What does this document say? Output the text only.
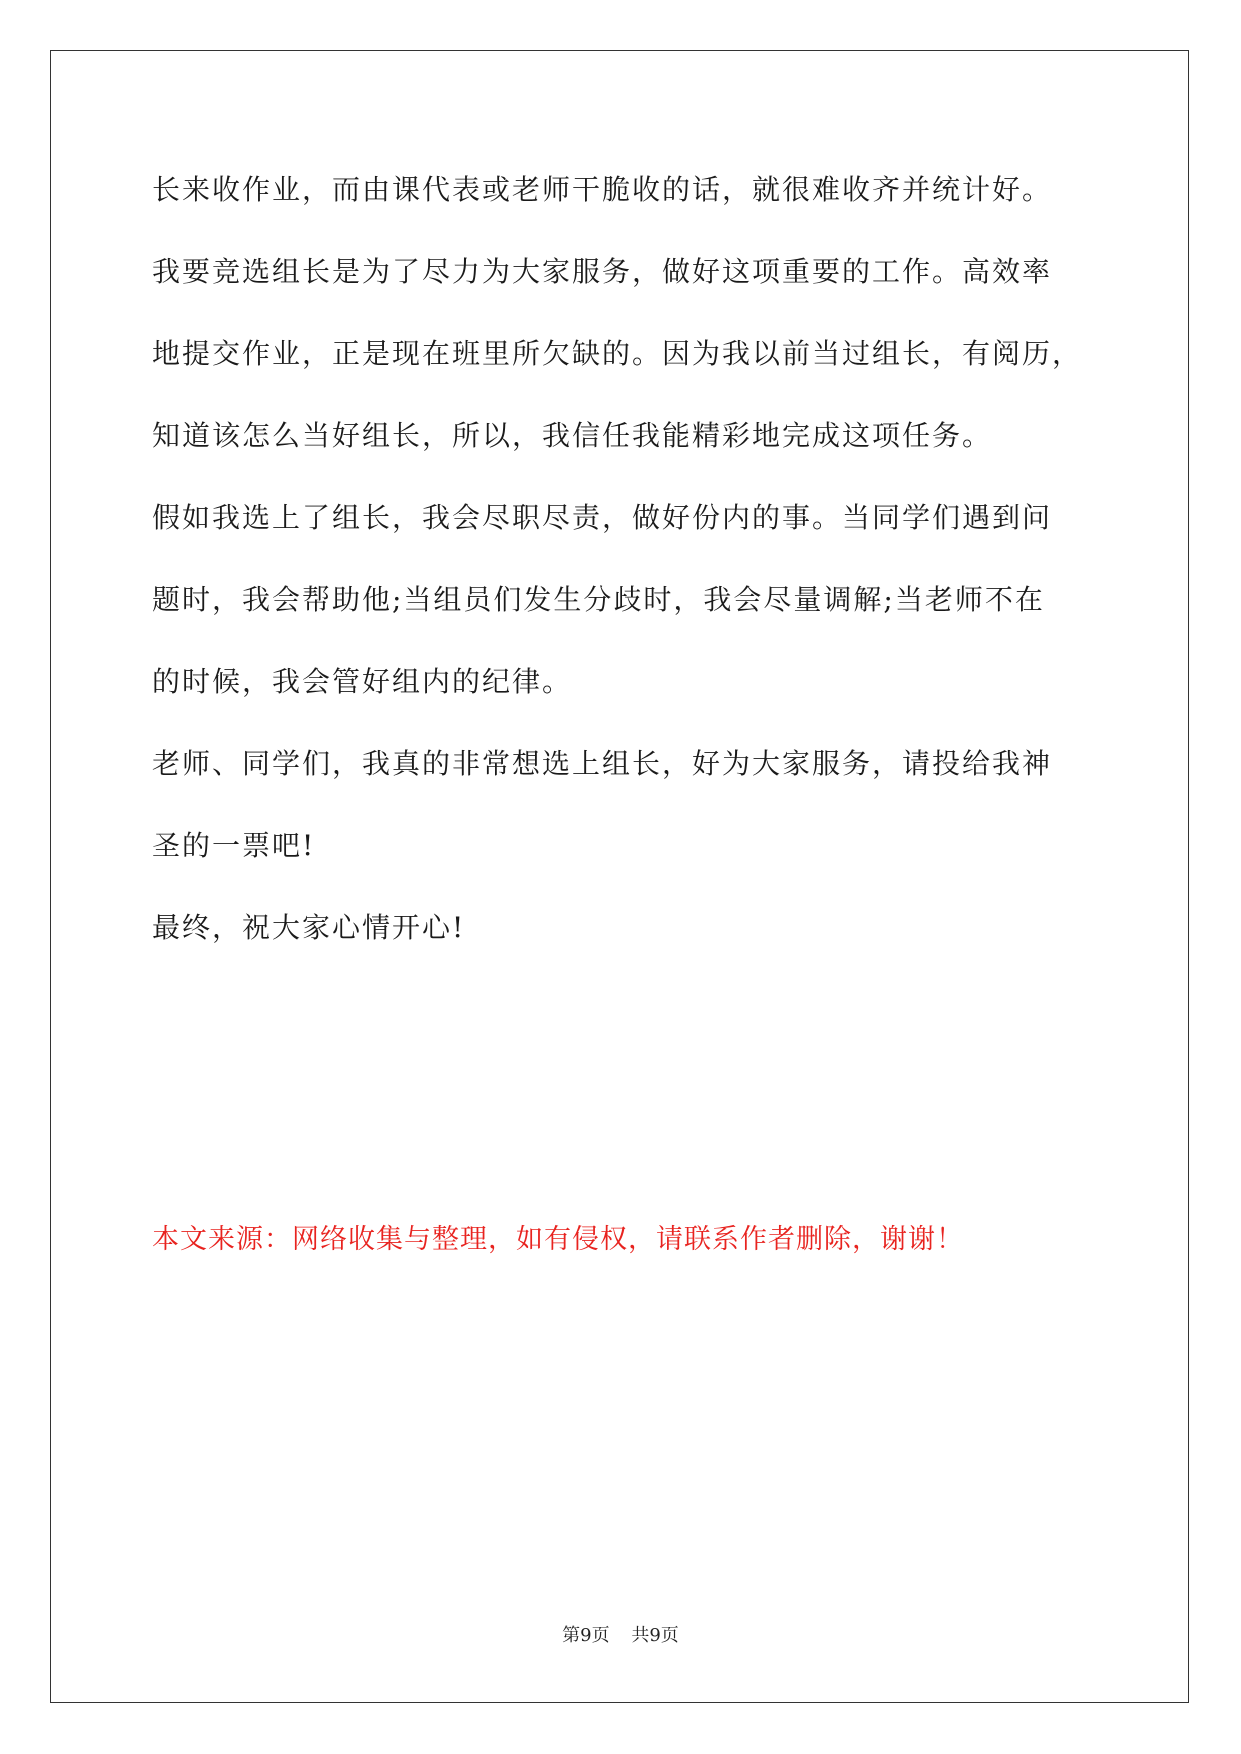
长来收作业，而由课代表或老师干脆收的话，就很难收齐并统计好。
我要竞选组长是为了尽力为大家服务，做好这项重要的工作。高效率
地提交作业，正是现在班里所欠缺的。因为我以前当过组长，有阅历，
知道该怎么当好组长，所以，我信任我能精彩地完成这项任务。
假如我选上了组长，我会尽职尽责，做好份内的事。当同学们遇到问
题时，我会帮助他;当组员们发生分歧时，我会尽量调解;当老师不在
的时候，我会管好组内的纪律。
老师、同学们，我真的非常想选上组长，好为大家服务，请投给我神
圣的一票吧!
最终，祝大家心情开心!
本文来源：网络收集与整理，如有侵权，请联系作者删除，谢谢！
第9页 共9页
